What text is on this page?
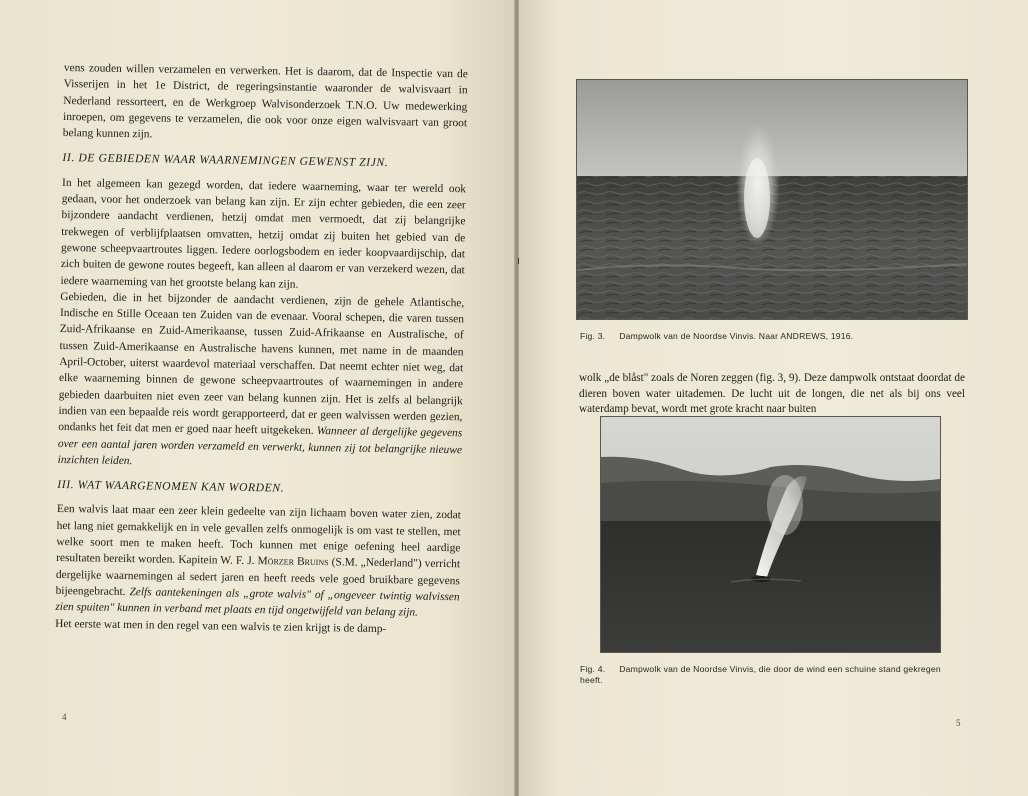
vens zouden willen verzamelen en verwerken. Het is daarom, dat de Inspectie van de Visserijen in het 1e District, de regeringsinstantie waaronder de walvisvaart in Nederland ressorteert, en de Werkgroep Walvisonderzoek T.N.O. Uw medewerking inroepen, om gegevens te verzamelen, die ook voor onze eigen walvisvaart van groot belang kunnen zijn.

II. DE GEBIEDEN WAAR WAARNEMINGEN GEWENST ZIJN.

In het algemeen kan gezegd worden, dat iedere waarneming, waar ter wereld ook gedaan, voor het onderzoek van belang kan zijn. Er zijn echter gebieden, die een zeer bijzondere aandacht verdienen, hetzij omdat men vermoedt, dat zij belangrijke trekwegen of verblijfplaatsen omvatten, hetzij omdat zij buiten het gebied van de gewone scheepvaartroutes liggen. Iedere oorlogsbodem en ieder koopvaardijschip, dat zich buiten de gewone routes begeeft, kan alleen al daarom er van verzekerd wezen, dat iedere waarneming van het grootste belang kan zijn.

Gebieden, die in het bijzonder de aandacht verdienen, zijn de gehele Atlantische, Indische en Stille Oceaan ten Zuiden van de evenaar. Vooral schepen, die varen tussen Zuid-Afrikaanse en Zuid-Amerikaanse, tussen Zuid-Afrikaanse en Australische, of tussen Zuid-Amerikaanse en Australische havens kunnen, met name in de maanden April-October, uiterst waardevol materiaal verschaffen. Dat neemt echter niet weg, dat elke waarneming binnen de gewone scheepvaartroutes of waarnemingen in andere gebieden daarbuiten niet even zeer van belang kunnen zijn. Het is zelfs al belangrijk indien van een bepaalde reis wordt gerapporteerd, dat er geen walvissen werden gezien, ondanks het feit dat men er goed naar heeft uitgekeken. Wanneer al dergelijke gegevens over een aantal jaren worden verzameld en verwerkt, kunnen zij tot belangrijke nieuwe inzichten leiden.

III. WAT WAARGENOMEN KAN WORDEN.

Een walvis laat maar een zeer klein gedeelte van zijn lichaam boven water zien, zodat het lang niet gemakkelijk en in vele gevallen zelfs onmogelijk is om vast te stellen, met welke soort men te maken heeft. Toch kunnen met enige oefening heel aardige resultaten bereikt worden. Kapitein W. F. J. Mörzer Bruins (S.M. „Nederland") verricht dergelijke waarnemingen al sedert jaren en heeft reeds vele goed bruikbare gegevens bijeengebracht. Zelfs aantekeningen als „grote walvis" of „ongeveer twintig walvissen zien spuiten" kunnen in verband met plaats en tijd ongetwijfeld van belang zijn.

Het eerste wat men in den regel van een walvis te zien krijgt is de damp-

4
Fig. 3. Dampwolk van de Noordse Vinvis. Naar ANDREWS, 1916.

wolk „de blåst" zoals de Noren zeggen (fig. 3, 9). Deze dampwolk ontstaat doordat de dieren boven water uitademen. De lucht uit de longen, die net als bij ons veel waterdamp bevat, wordt met grote kracht naar buiten

Fig. 4. Dampwolk van de Noordse Vinvis, die door de wind een schuine stand gekregen heeft.
5
